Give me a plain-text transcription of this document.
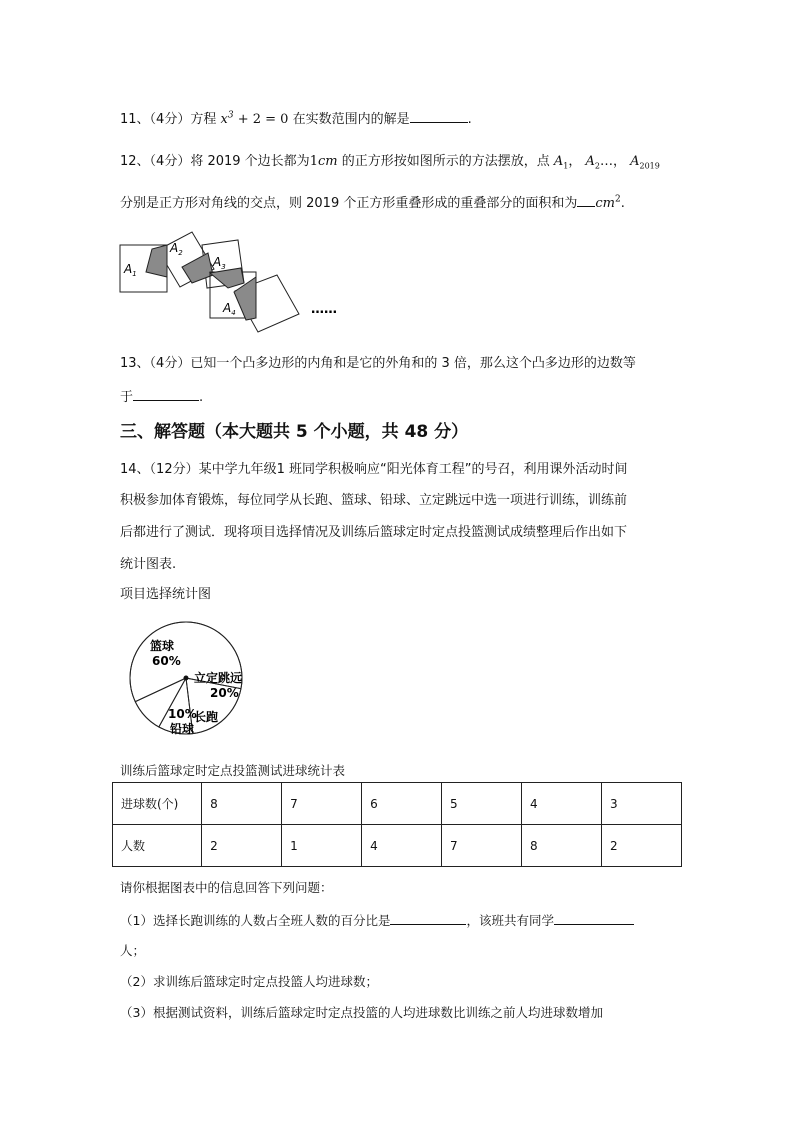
11、（4分）方程 $x^3 + 2 = 0$ 在实数范围内的解是	.
12、（4分）将 2019 个边长都为1cm 的正方形按如图所示的方法摆放，点 $A_1$， $A_2\dots$， $A_{2019}$
分别是正方形对角线的交点，则 2019 个正方形重叠形成的重叠部分的面积和为 $cm^2$.
$A_1$
$A_2$
$A_3$
$A_4$	……
13、（4分）已知一个凸多边形的内角和是它的外角和的 3 倍，那么这个凸多边形的边数等
于	.
三、解答题（本大题共 5 个小题，共 48 分）
14、（12分）某中学九年级1 班同学积极响应“阳光体育工程”的号召，利用课外活动时间
积极参加体育锻炼，每位同学从长跑、篮球、铅球、立定跳远中选一项进行训练，训练前
后都进行了测试．现将项目选择情况及训练后篮球定时定点投篮测试成绩整理后作出如下
统计图表.
项目选择统计图
篮球
60%
立定跳远
20%
长跑
10%
铅球
训练后篮球定时定点投篮测试进球统计表
进球数(个)	8	7	6	5	4	3
人数	2	1	4	7	8	2
请你根据图表中的信息回答下列问题：
（1）选择长跑训练的人数占全班人数的百分比是	，该班共有同学
人；
（2）求训练后篮球定时定点投篮人均进球数；
（3）根据测试资料，训练后篮球定时定点投篮的人均进球数比训练之前人均进球数增加
